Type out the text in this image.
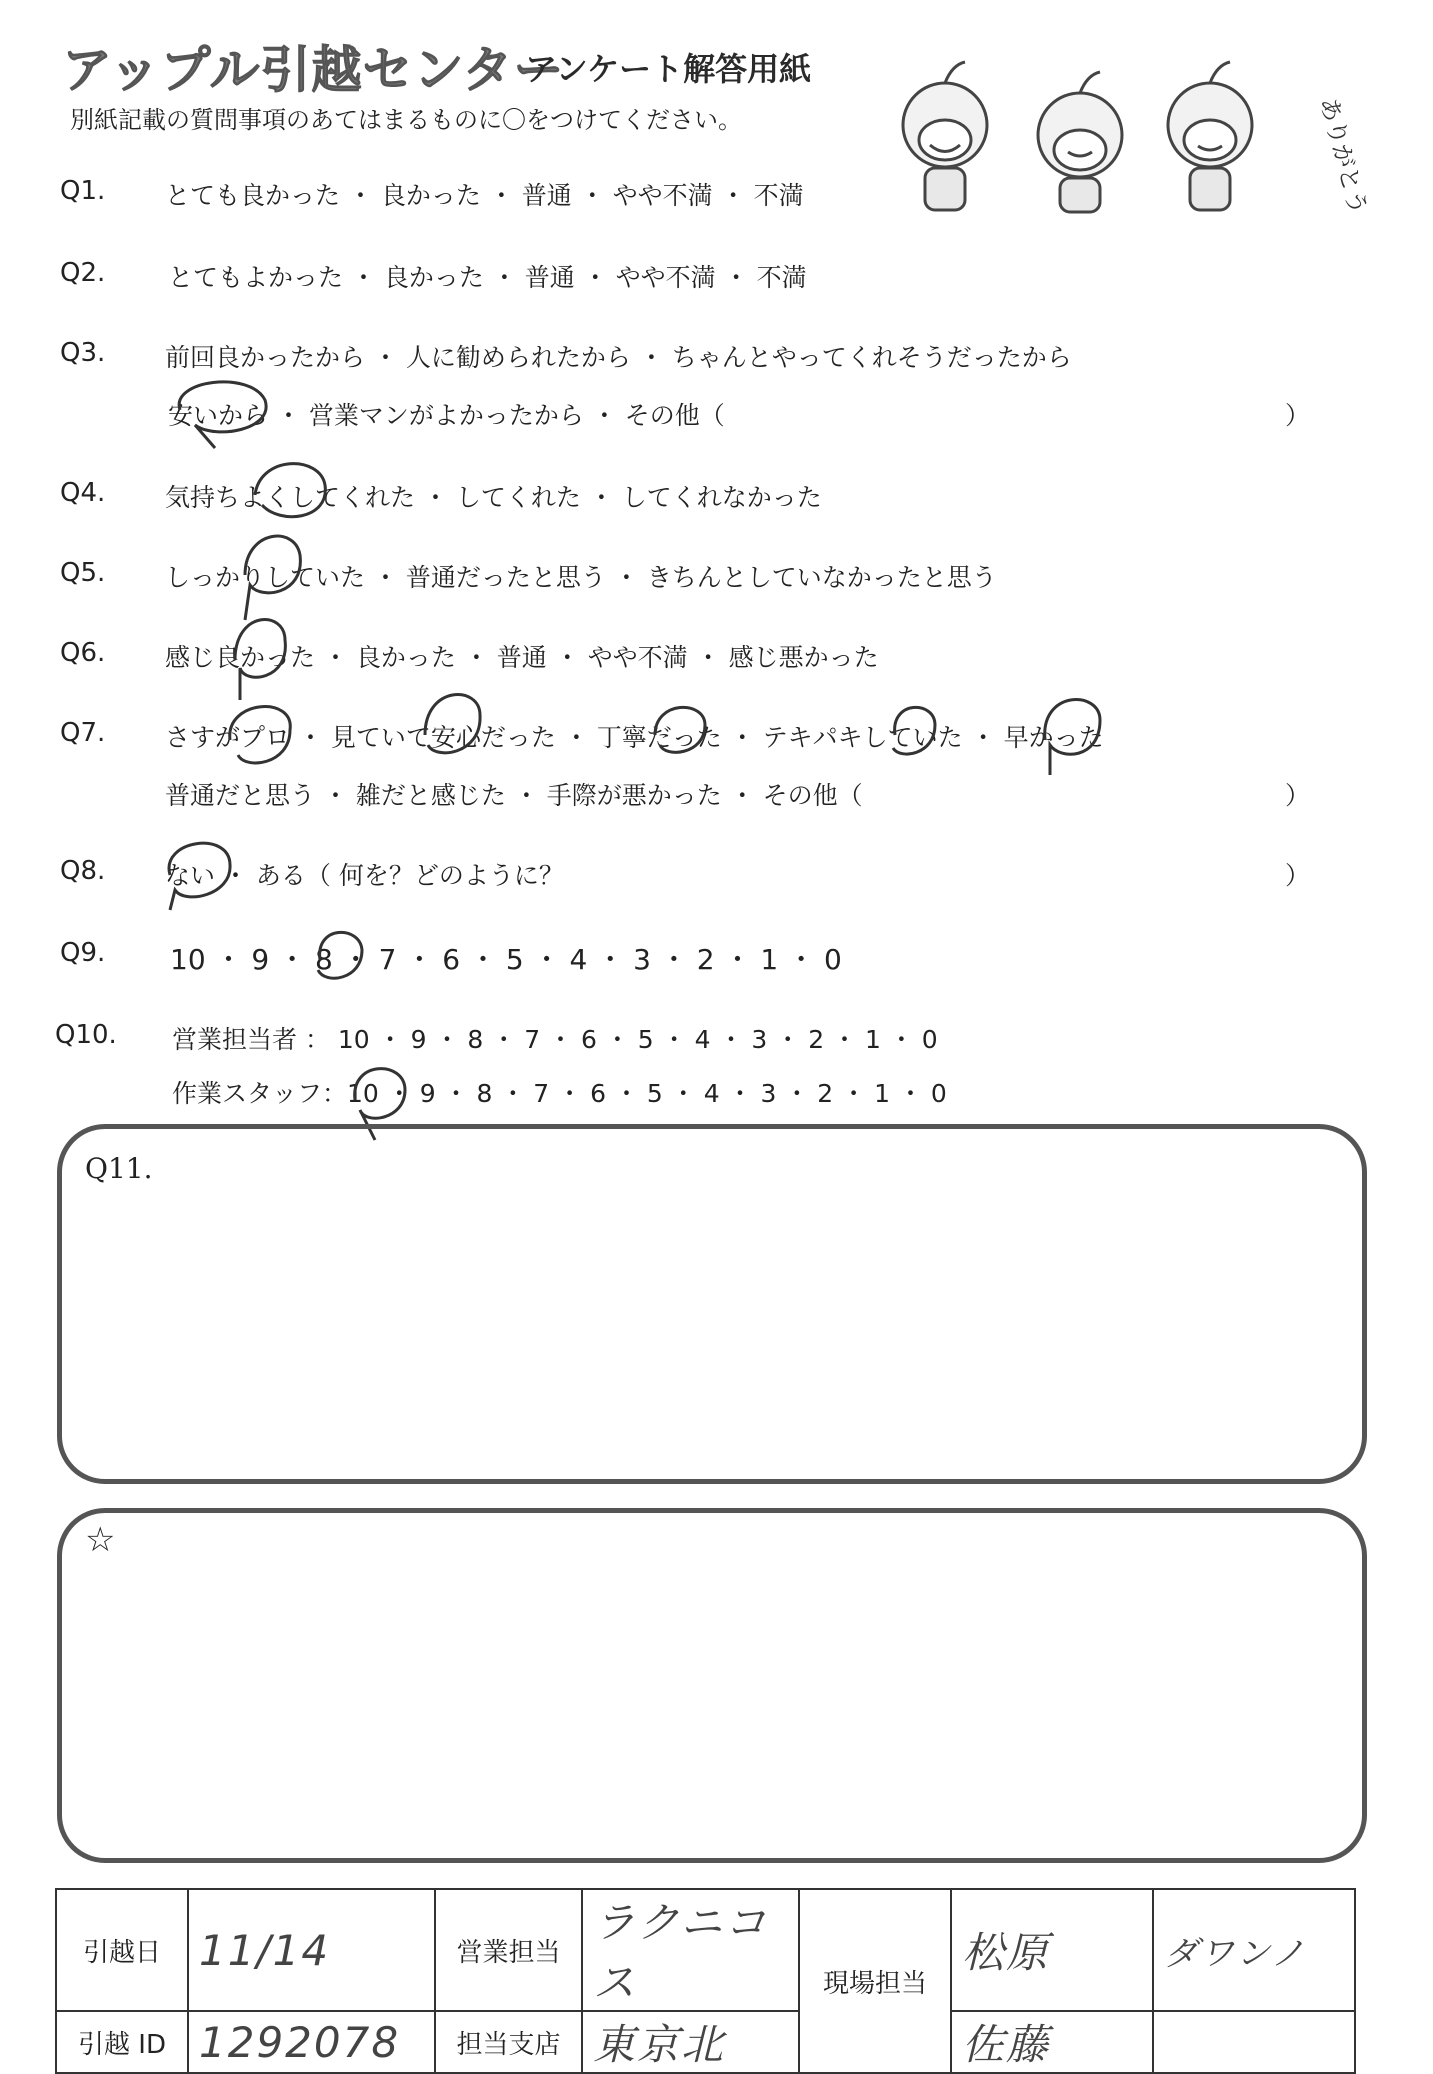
アップル引越センター
アンケート解答用紙
別紙記載の質問事項のあてはまるものに〇をつけてください。	ありがとう
Q1. とても良かった ・ 良かった ・ 普通 ・ やや不満 ・ 不満
Q2.	とてもよかった ・ 良かった ・ 普通 ・ やや不満 ・ 不満
Q3. 前回良かったから ・ 人に勧められたから ・ ちゃんとやってくれそうだったから
安いから ・ 営業マンがよかったから ・ その他（	）
Q4. 気持ちよくしてくれた ・ してくれた ・ してくれなかった
Q5. しっかりしていた ・ 普通だったと思う ・ きちんとしていなかったと思う
Q6. 感じ良かった ・ 良かった ・ 普通 ・ やや不満 ・ 感じ悪かった
Q7. さすがプロ ・ 見ていて安心だった ・ 丁寧だった ・ テキパキしていた ・ 早かった
普通だと思う ・ 雑だと感じた ・ 手際が悪かった ・ その他（	）
Q8. ない ・ ある（ 何を？どのように？	）
Q9. 10 ・ 9 ・ 8 ・ 7 ・ 6 ・ 5 ・ 4 ・ 3 ・ 2 ・ 1 ・ 0
Q10. 営業担当者 ： 10 ・ 9 ・ 8 ・ 7 ・ 6 ・ 5 ・ 4 ・ 3 ・ 2 ・ 1 ・ 0
作業スタッフ：10 ・ 9 ・ 8 ・ 7 ・ 6 ・ 5 ・ 4 ・ 3 ・ 2 ・ 1 ・ 0
Q11.
☆
引越日	11/14	営業担当	ラクニコス	現場担当	松原	ダワンノ
引越 ID	1292078	担当支店	東京北		佐藤	
